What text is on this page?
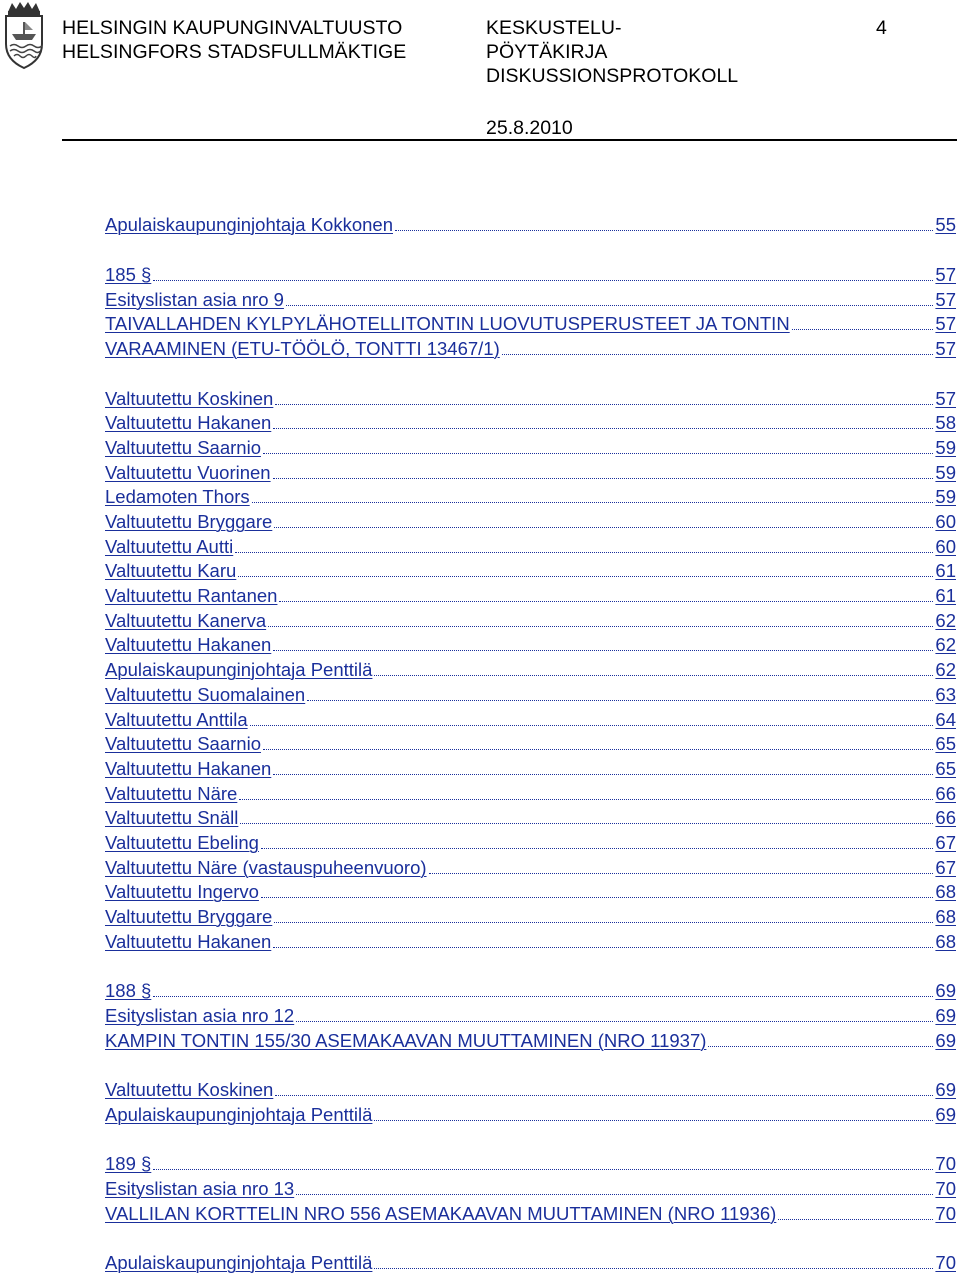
HELSINGIN KAUPUNGINVALTUUSTO
HELSINGFORS STADSFULLMÄKTIGE
KESKUSTELU-
PÖYTÄKIRJA
DISKUSSIONSPROTOKOLL
4
25.8.2010
Apulaiskaupunginjohtaja Kokkonen	55
185 §	57
Esityslistan asia nro 9	57
TAIVALLAHDEN KYLPYLÄHOTELLITONTIN LUOVUTUSPERUSTEET JA TONTIN	57
VARAAMINEN (ETU-TÖÖLÖ, TONTTI 13467/1)	57
Valtuutettu Koskinen	57
Valtuutettu Hakanen	58
Valtuutettu Saarnio	59
Valtuutettu Vuorinen	59
Ledamoten Thors	59
Valtuutettu Bryggare	60
Valtuutettu Autti	60
Valtuutettu Karu	61
Valtuutettu Rantanen	61
Valtuutettu Kanerva	62
Valtuutettu Hakanen	62
Apulaiskaupunginjohtaja Penttilä	62
Valtuutettu Suomalainen	63
Valtuutettu Anttila	64
Valtuutettu Saarnio	65
Valtuutettu Hakanen	65
Valtuutettu Näre	66
Valtuutettu Snäll	66
Valtuutettu Ebeling	67
Valtuutettu Näre (vastauspuheenvuoro)	67
Valtuutettu Ingervo	68
Valtuutettu Bryggare	68
Valtuutettu Hakanen	68
188 §	69
Esityslistan asia nro 12	69
KAMPIN TONTIN 155/30 ASEMAKAAVAN MUUTTAMINEN (NRO 11937)	69
Valtuutettu Koskinen	69
Apulaiskaupunginjohtaja Penttilä	69
189 §	70
Esityslistan asia nro 13	70
VALLILAN KORTTELIN NRO 556 ASEMAKAAVAN MUUTTAMINEN (NRO 11936)	70
Apulaiskaupunginjohtaja Penttilä	70
